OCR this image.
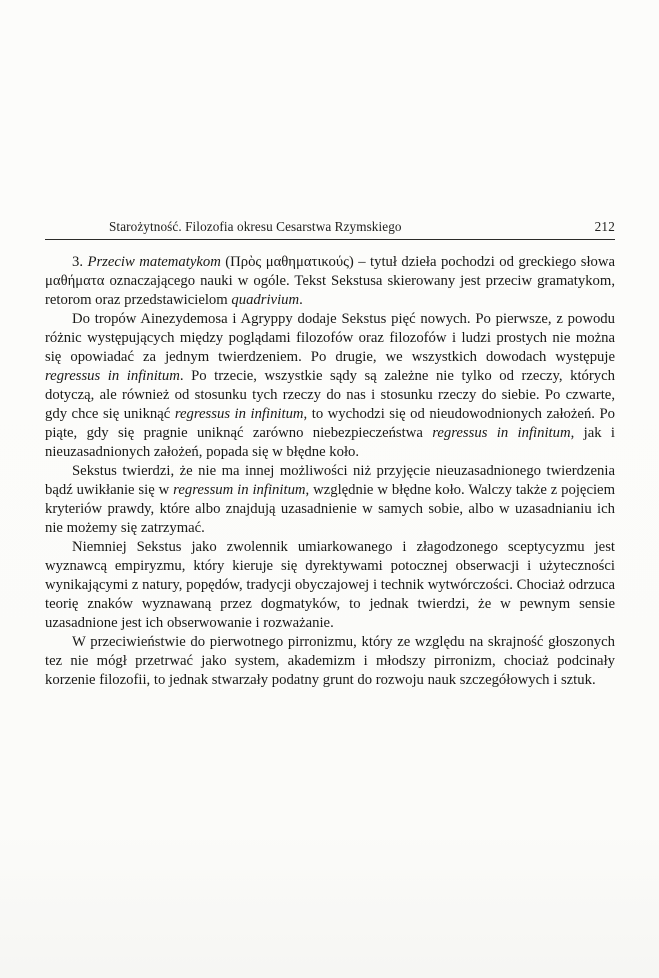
Starożytność. Filozofia okresu Cesarstwa Rzymskiego	212

3. Przeciw matematykom (Πρὸς μαθηματικούς) – tytuł dzieła pochodzi od greckiego słowa μαθήματα oznaczającego nauki w ogóle. Tekst Sekstusa skierowany jest przeciw gramatykom, retorom oraz przedstawicielom quadrivium.

Do tropów Ainezydemosa i Agryppy dodaje Sekstus pięć nowych. Po pierwsze, z powodu różnic występujących między poglądami filozofów oraz filozofów i ludzi prostych nie można się opowiadać za jednym twierdzeniem. Po drugie, we wszystkich dowodach występuje regressus in infinitum. Po trzecie, wszystkie sądy są zależne nie tylko od rzeczy, których dotyczą, ale również od stosunku tych rzeczy do nas i stosunku rzeczy do siebie. Po czwarte, gdy chce się uniknąć regressus in infinitum, to wychodzi się od nieudowodnionych założeń. Po piąte, gdy się pragnie uniknąć zarówno niebezpieczeństwa regressus in infinitum, jak i nieuzasadnionych założeń, popada się w błędne koło.

Sekstus twierdzi, że nie ma innej możliwości niż przyjęcie nieuzasadnionego twierdzenia bądź uwikłanie się w regressum in infinitum, względnie w błędne koło. Walczy także z pojęciem kryteriów prawdy, które albo znajdują uzasadnienie w samych sobie, albo w uzasadnianiu ich nie możemy się zatrzymać.

Niemniej Sekstus jako zwolennik umiarkowanego i złagodzonego sceptycyzmu jest wyznawcą empiryzmu, który kieruje się dyrektywami potocznej obserwacji i użyteczności wynikającymi z natury, popędów, tradycji obyczajowej i technik wytwórczości. Chociaż odrzuca teorię znaków wyznawaną przez dogmatyków, to jednak twierdzi, że w pewnym sensie uzasadnione jest ich obserwowanie i rozważanie.

W przeciwieństwie do pierwotnego pirronizmu, który ze względu na skrajność głoszonych tez nie mógł przetrwać jako system, akademizm i młodszy pirronizm, chociaż podcinały korzenie filozofii, to jednak stwarzały podatny grunt do rozwoju nauk szczegółowych i sztuk.
